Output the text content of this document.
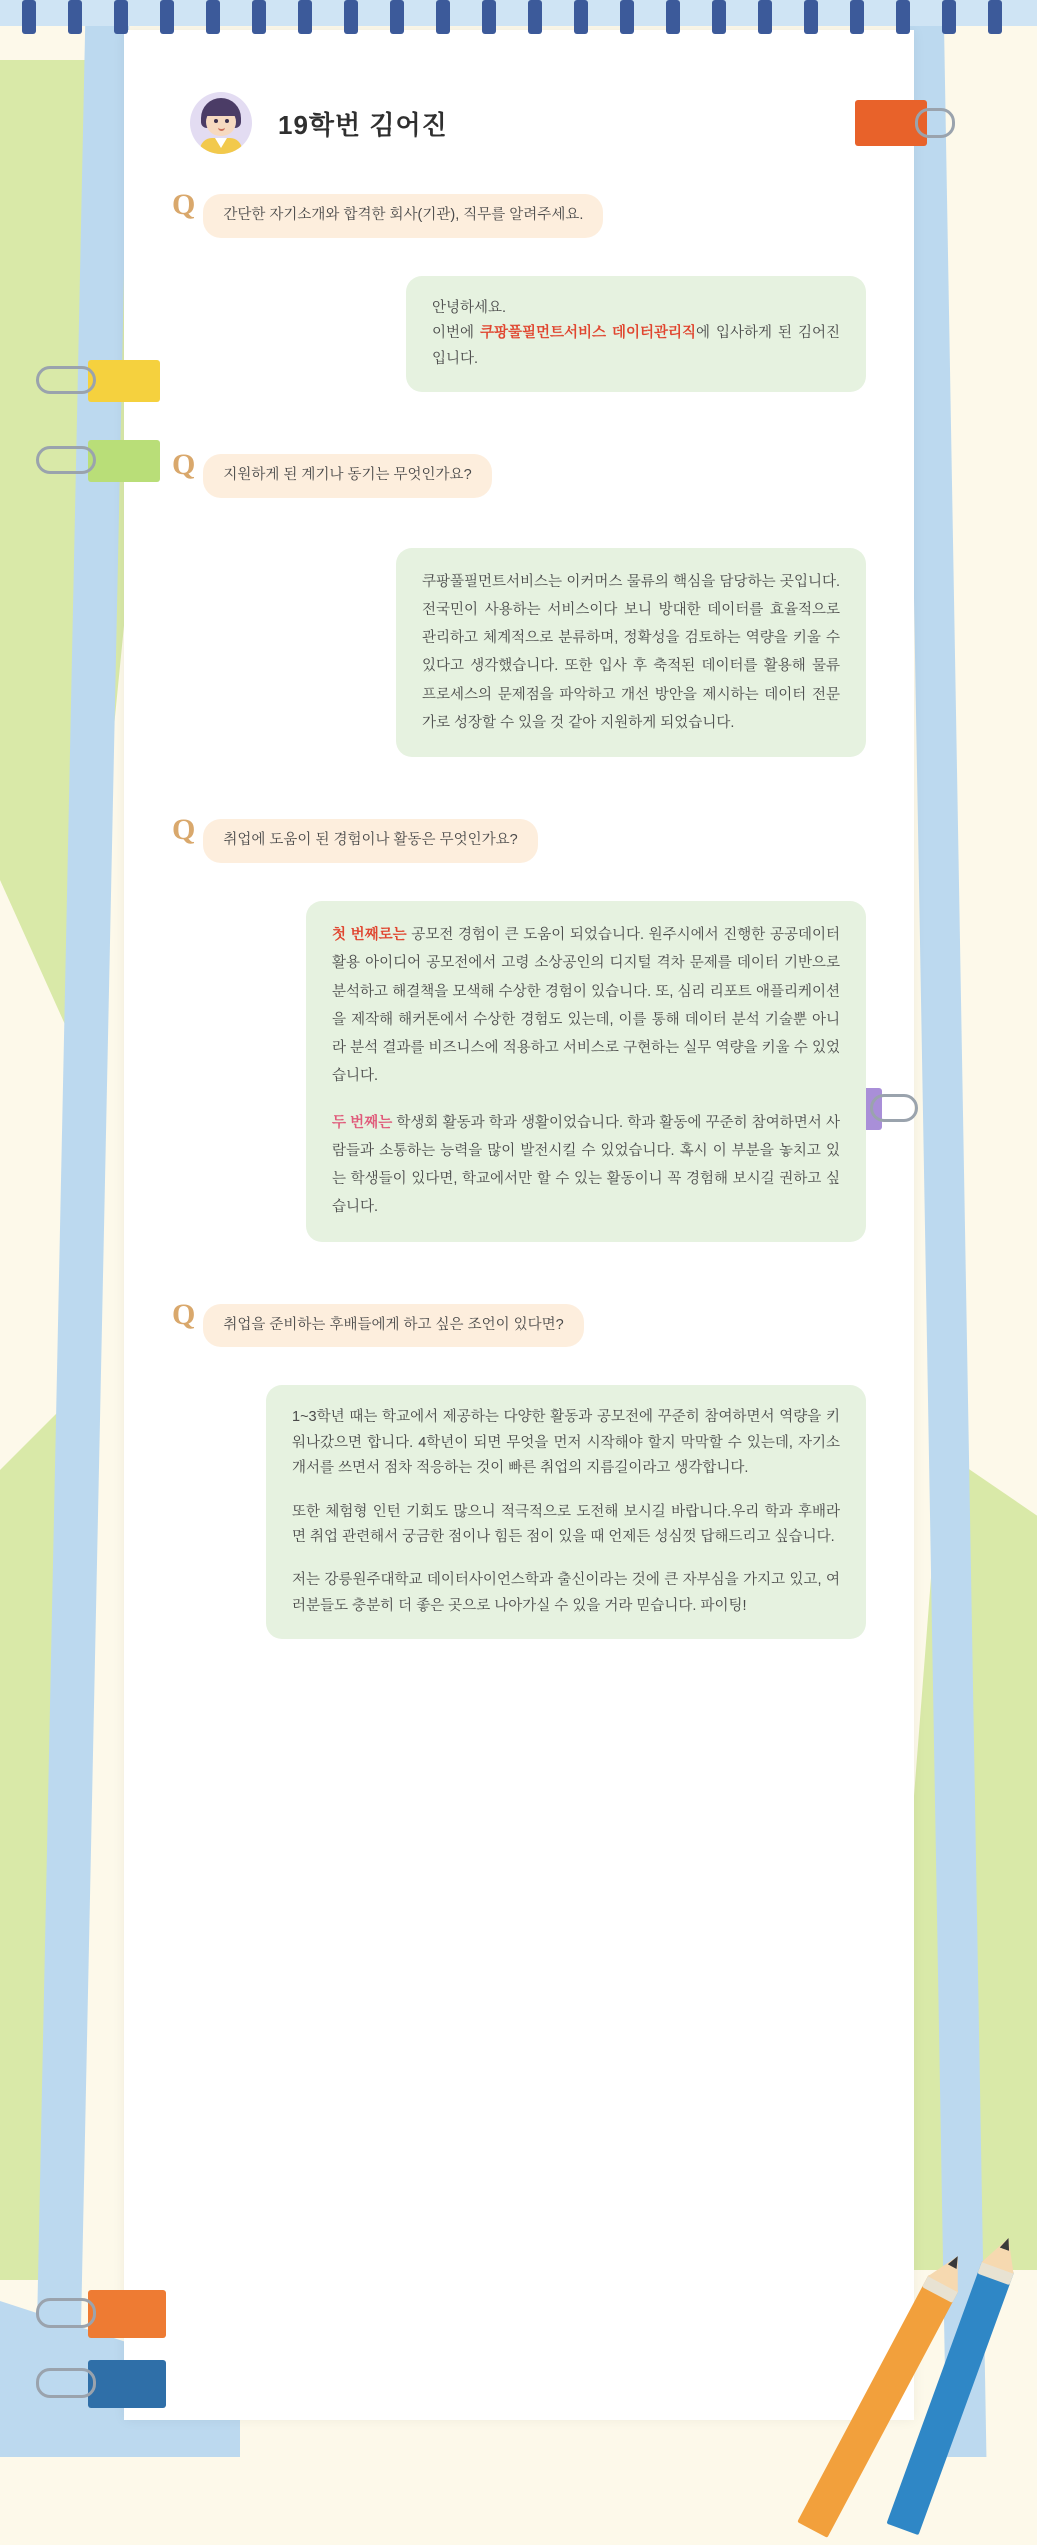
19학번 김어진
Q	간단한 자기소개와 합격한 회사(기관), 직무를 알려주세요.
안녕하세요.
이번에 쿠팡풀필먼트서비스 데이터관리직에 입사하게 된 김어진입니다.
Q	지원하게 된 계기나 동기는 무엇인가요?

쿠팡풀필먼트서비스는 이커머스 물류의 핵심을 담당하는 곳입니다. 전국민이 사용하는 서비스이다 보니 방대한 데이터를 효율적으로 관리하고 체계적으로 분류하며, 정확성을 검토하는 역량을 키울 수 있다고 생각했습니다. 또한 입사 후 축적된 데이터를 활용해 물류 프로세스의 문제점을 파악하고 개선 방안을 제시하는 데이터 전문가로 성장할 수 있을 것 같아 지원하게 되었습니다.

Q	취업에 도움이 된 경험이나 활동은 무엇인가요?

첫 번째로는 공모전 경험이 큰 도움이 되었습니다. 원주시에서 진행한 공공데이터 활용 아이디어 공모전에서 고령 소상공인의 디지털 격차 문제를 데이터 기반으로 분석하고 해결책을 모색해 수상한 경험이 있습니다. 또, 심리 리포트 애플리케이션을 제작해 해커톤에서 수상한 경험도 있는데, 이를 통해 데이터 분석 기술뿐 아니라 분석 결과를 비즈니스에 적용하고 서비스로 구현하는 실무 역량을 키울 수 있었습니다.

두 번째는 학생회 활동과 학과 생활이었습니다. 학과 활동에 꾸준히 참여하면서 사람들과 소통하는 능력을 많이 발전시킬 수 있었습니다. 혹시 이 부분을 놓치고 있는 학생들이 있다면, 학교에서만 할 수 있는 활동이니 꼭 경험해 보시길 권하고 싶습니다.

Q	취업을 준비하는 후배들에게 하고 싶은 조언이 있다면?

1~3학년 때는 학교에서 제공하는 다양한 활동과 공모전에 꾸준히 참여하면서 역량을 키워나갔으면 합니다. 4학년이 되면 무엇을 먼저 시작해야 할지 막막할 수 있는데, 자기소개서를 쓰면서 점차 적응하는 것이 빠른 취업의 지름길이라고 생각합니다.

또한 체험형 인턴 기회도 많으니 적극적으로 도전해 보시길 바랍니다.우리 학과 후배라면 취업 관련해서 궁금한 점이나 힘든 점이 있을 때 언제든 성심껏 답해드리고 싶습니다.

저는 강릉원주대학교 데이터사이언스학과 출신이라는 것에 큰 자부심을 가지고 있고, 여러분들도 충분히 더 좋은 곳으로 나아가실 수 있을 거라 믿습니다. 파이팅!
